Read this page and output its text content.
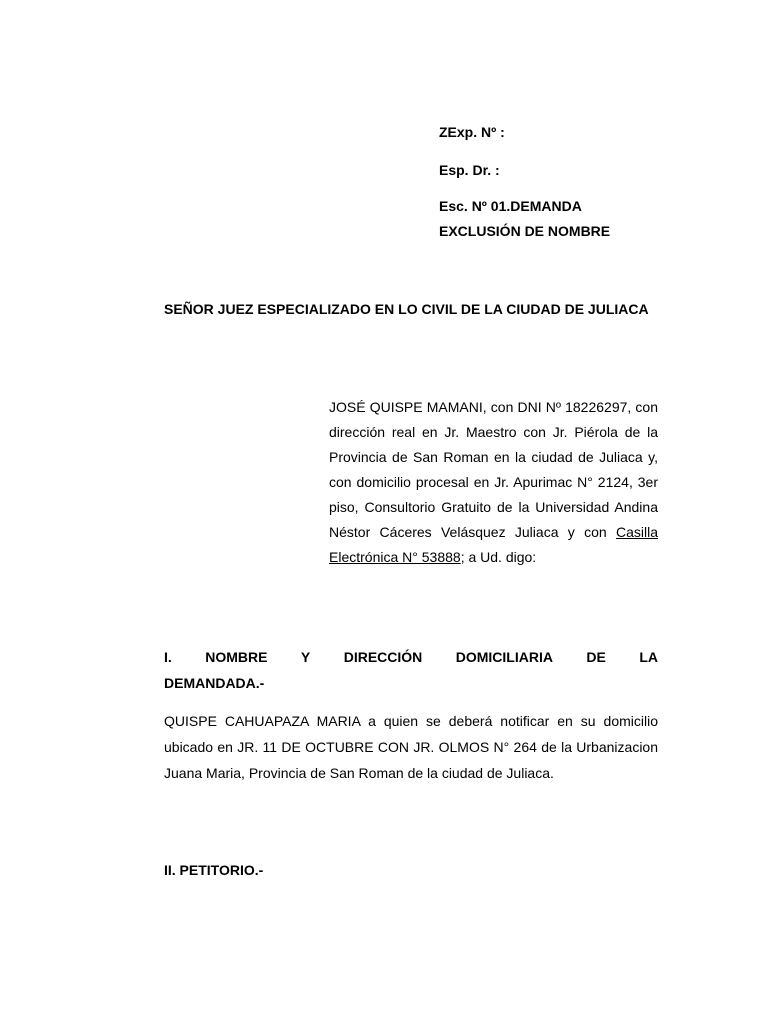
ZExp. Nº :
Esp. Dr. :
Esc. Nº 01.DEMANDA
EXCLUSIÓN DE NOMBRE
SEÑOR JUEZ ESPECIALIZADO EN LO CIVIL DE LA CIUDAD DE JULIACA
JOSÉ QUISPE MAMANI, con DNI Nº 18226297, con dirección real en Jr. Maestro con Jr. Piérola de la Provincia de San Roman en la ciudad de Juliaca y, con domicilio procesal en Jr. Apurimac N° 2124, 3er piso, Consultorio Gratuito de la Universidad Andina Néstor Cáceres Velásquez Juliaca y con Casilla Electrónica N° 53888; a Ud. digo:
I. NOMBRE Y DIRECCIÓN DOMICILIARIA DE LA
DEMANDADA.-
QUISPE CAHUAPAZA MARIA a quien se deberá notificar en su domicilio ubicado en JR. 11 DE OCTUBRE CON JR. OLMOS N° 264 de la Urbanizacion Juana Maria, Provincia de San Roman de la ciudad de Juliaca.
II. PETITORIO.-
